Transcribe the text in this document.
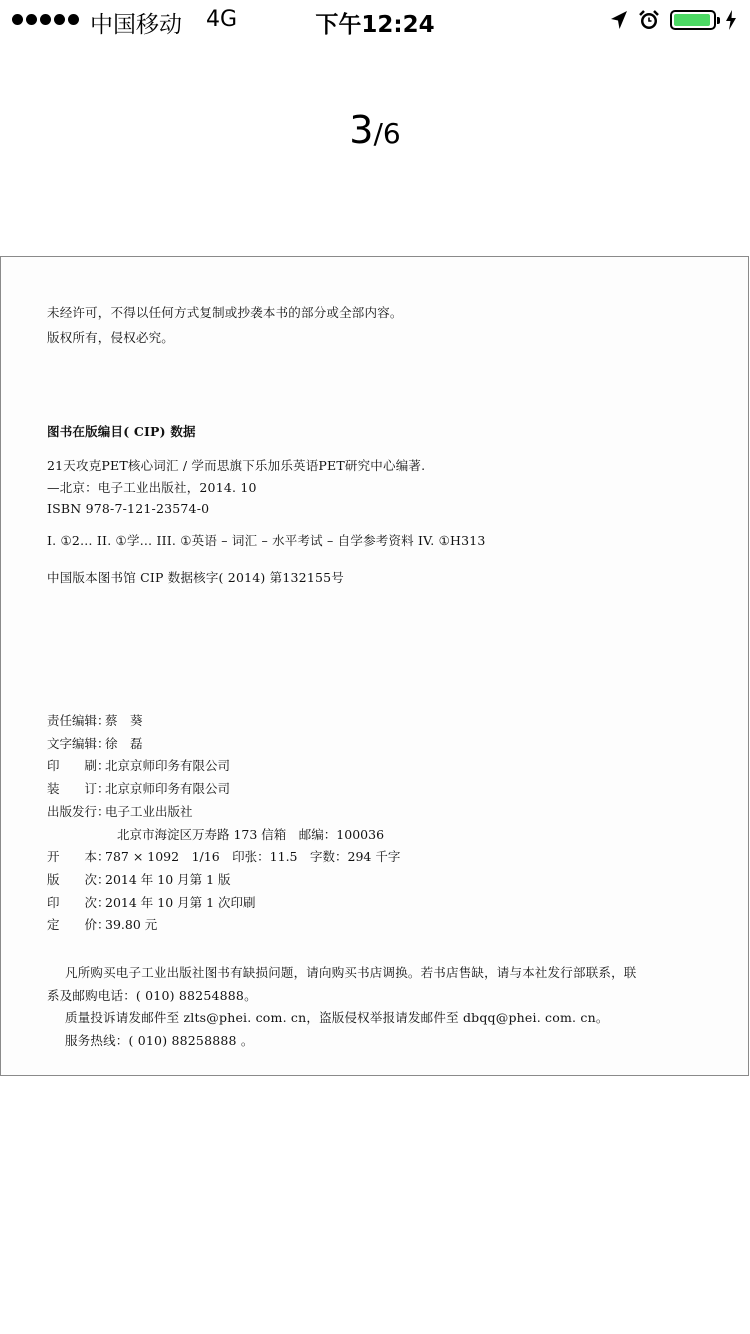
中国移动 4G	下午12:24
3/6
未经许可，不得以任何方式复制或抄袭本书的部分或全部内容。
版权所有，侵权必究。
图书在版编目( CIP) 数据
21天攻克PET核心词汇 / 学而思旗下乐加乐英语PET研究中心编著.
—北京：电子工业出版社，2014. 10
ISBN 978-7-121-23574-0
I. ①2… II. ①学… III. ①英语 – 词汇 – 水平考试 – 自学参考资料 IV. ①H313
中国版本图书馆 CIP 数据核字( 2014) 第132155号
责任编辑：蔡　葵
文字编辑：徐　磊
印　　刷：北京京师印务有限公司
装　　订：北京京师印务有限公司
出版发行：电子工业出版社
北京市海淀区万寿路 173 信箱　邮编：100036
开　　本：787 × 1092　1/16　印张：11.5　字数：294 千字
版　　次：2014 年 10 月第 1 版
印　　次：2014 年 10 月第 1 次印刷
定　　价：39.80 元
凡所购买电子工业出版社图书有缺损问题，请向购买书店调换。若书店售缺，请与本社发行部联系，联
系及邮购电话：( 010) 88254888。
质量投诉请发邮件至 zlts@phei. com. cn，盗版侵权举报请发邮件至 dbqq@phei. com. cn。
服务热线：( 010) 88258888 。
